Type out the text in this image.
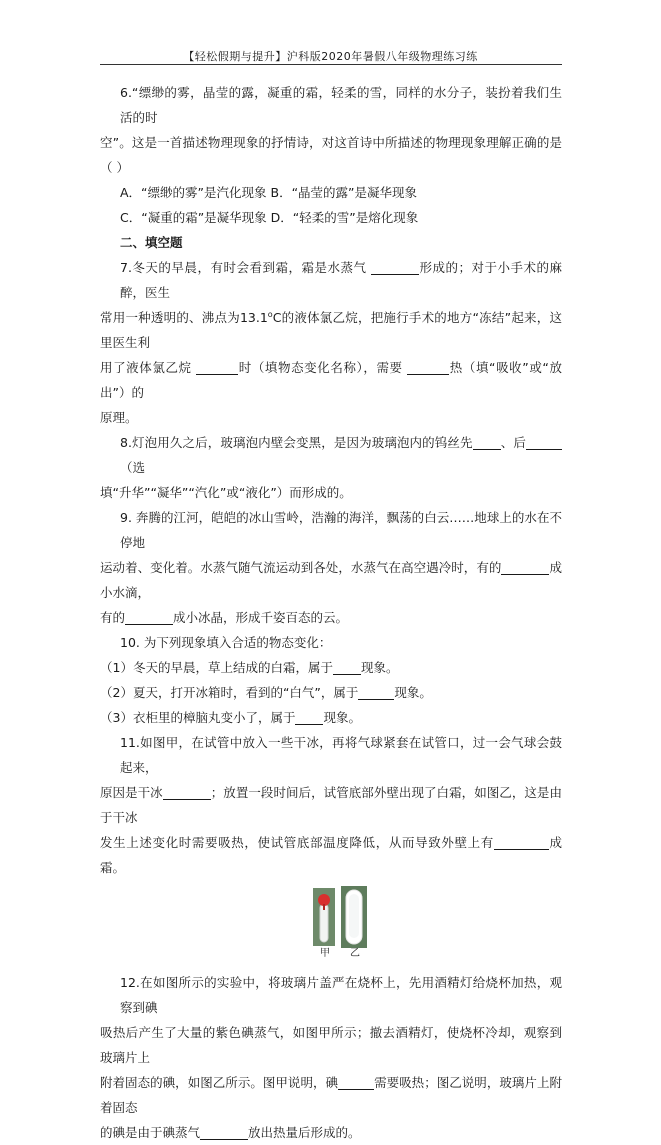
【轻松假期与提升】沪科版2020年暑假八年级物理练习练

6.“缥缈的雾，晶莹的露，凝重的霜，轻柔的雪，同样的水分子，装扮着我们生活的时

空”。这是一首描述物理现象的抒情诗，对这首诗中所描述的物理现象理解正确的是（ ）

A．“缥缈的雾”是汽化现象 B．“晶莹的露”是凝华现象

C．“凝重的霜”是凝华现象 D．“轻柔的雪”是熔化现象

二、填空题

7.冬天的早晨，有时会看到霜，霜是水蒸气	形成的；对于小手术的麻醉，医生

常用一种透明的、沸点为13.1$^o$C的液体氯乙烷，把施行手术的地方“冻结”起来，这里医生利

用了液体氯乙烷	时（填物态变化名称），需要	热（填“吸收”或“放出”）的

原理。

8.灯泡用久之后，玻璃泡内壁会变黑，是因为玻璃泡内的钨丝先 、后（选

填“升华”“凝华”“汽化”或“液化”）而形成的。

9. 奔腾的江河，皑皑的冰山雪岭，浩瀚的海洋，飘荡的白云……地球上的水在不停地

运动着、变化着。水蒸气随气流运动到各处，水蒸气在高空遇冷时，有的	成小水滴，

有的	成小冰晶，形成千姿百态的云。

10. 为下列现象填入合适的物态变化：

（1）冬天的早晨，草上结成的白霜，属于 现象。

（2）夏天，打开冰箱时，看到的“白气”，属于	现象。

（3）衣柜里的樟脑丸变小了，属于 现象。

11.如图甲，在试管中放入一些干冰，再将气球紧套在试管口，过一会气球会鼓起来，

原因是干冰	；放置一段时间后，试管底部外壁出现了白霜，如图乙，这是由于干冰

发生上述变化时需要吸热，使试管底部温度降低，从而导致外壁上有	成霜。

甲 乙

12.在如图所示的实验中，将玻璃片盖严在烧杯上，先用酒精灯给烧杯加热，观察到碘

吸热后产生了大量的紫色碘蒸气，如图甲所示；撤去酒精灯，使烧杯冷却，观察到玻璃片上

附着固态的碘，如图乙所示。图甲说明，碘	需要吸热；图乙说明，玻璃片上附着固态

的碘是由于碘蒸气	放出热量后形成的。
